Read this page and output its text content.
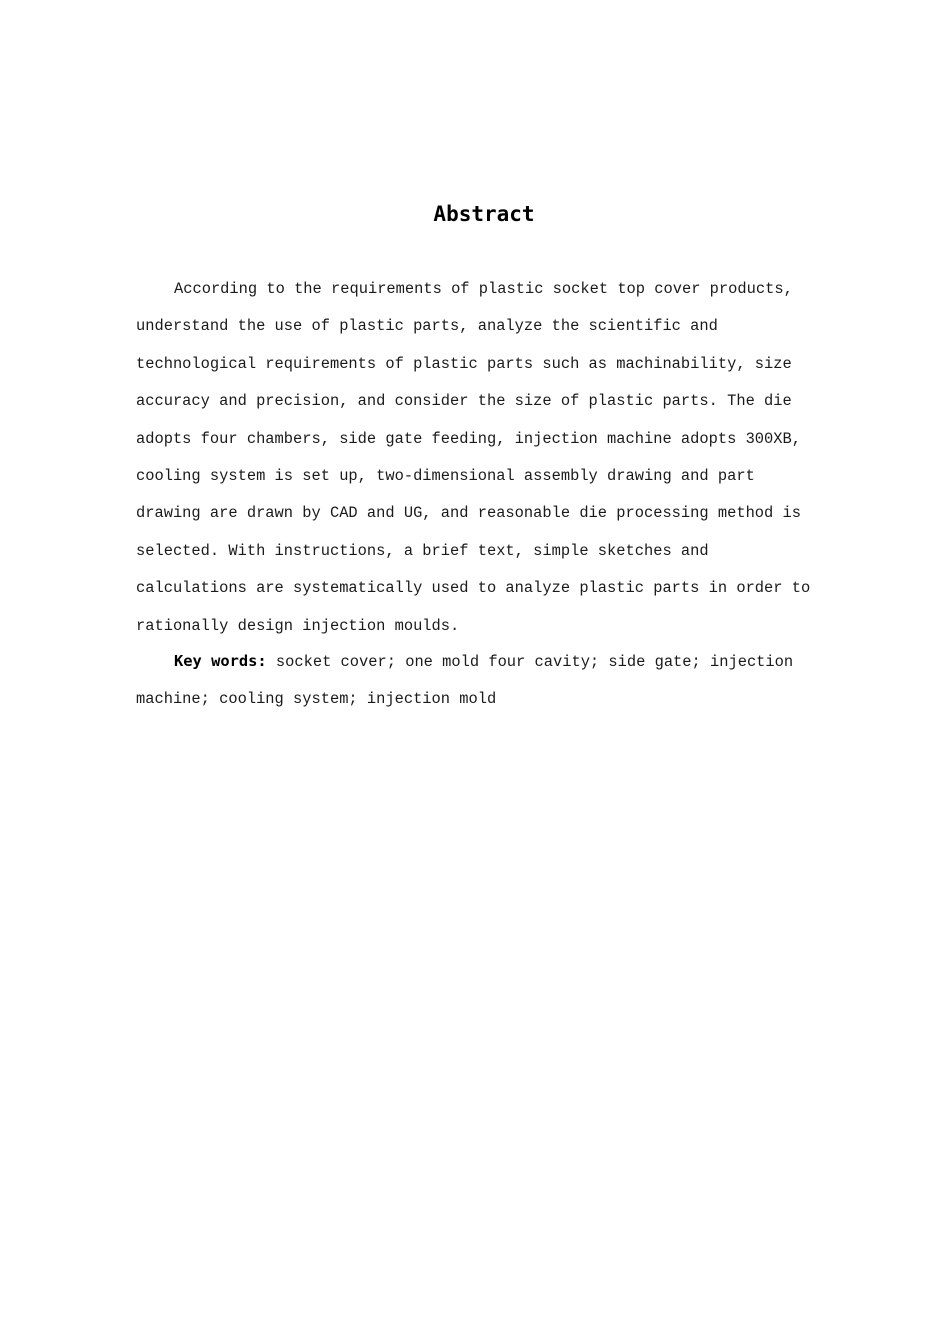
Abstract

According to the requirements of plastic socket top cover products, understand the use of plastic parts, analyze the scientific and technological requirements of plastic parts such as machinability, size accuracy and precision, and consider the size of plastic parts. The die adopts four chambers, side gate feeding, injection machine adopts 300XB, cooling system is set up, two-dimensional assembly drawing and part drawing are drawn by CAD and UG, and reasonable die processing method is selected. With instructions, a brief text, simple sketches and calculations are systematically used to analyze plastic parts in order to rationally design injection moulds.

Key words: socket cover; one mold four cavity; side gate; injection machine; cooling system; injection mold
